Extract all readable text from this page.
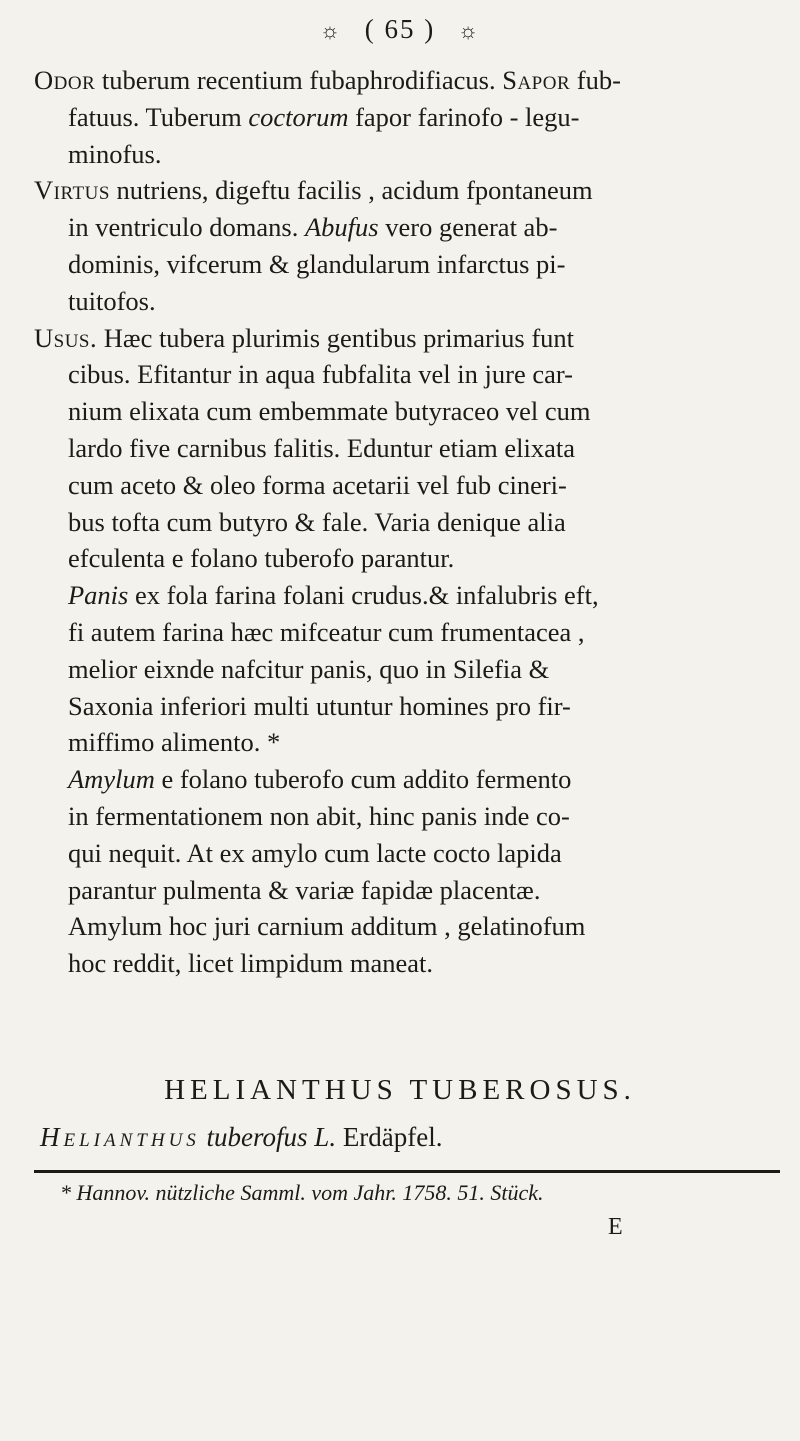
☼ ( 65 ) ☼
Odor tuberum recentium fubaphrodifiacus. Sapor fub-
fatuus. Tuberum coctorum fapor farinofo - legu-
minofus.
Virtus nutriens, digeftu facilis , acidum fpontaneum
in ventriculo domans. Abufus vero generat ab-
dominis, vifcerum & glandularum infarctus pi-
tuitofos.
Usus. Hæc tubera plurimis gentibus primarius funt
cibus. Efitantur in aqua fubfalita vel in jure car-
nium elixata cum embemmate butyraceo vel cum
lardo five carnibus falitis. Eduntur etiam elixata
cum aceto & oleo forma acetarii vel fub cineri-
bus tofta cum butyro & fale. Varia denique alia
efculenta e folano tuberofo parantur.
Panis ex fola farina folani crudus.& infalubris eft,
fi autem farina hæc mifceatur cum frumentacea ,
melior eixnde nafcitur panis, quo in Silefia &
Saxonia inferiori multi utuntur homines pro fir-
miffimo alimento. *
Amylum e folano tuberofo cum addito fermento
in fermentationem non abit, hinc panis inde co-
qui nequit. At ex amylo cum lacte cocto lapida
parantur pulmenta & variæ fapidæ placentæ.
Amylum hoc juri carnium additum , gelatinofum
hoc reddit, licet limpidum maneat.
HELIANTHUS TUBEROSUS.
Helianthus tuberofus L. Erdäpfel.
* Hannov. nützliche Samml. vom Jahr. 1758. 51. Stück.
E
